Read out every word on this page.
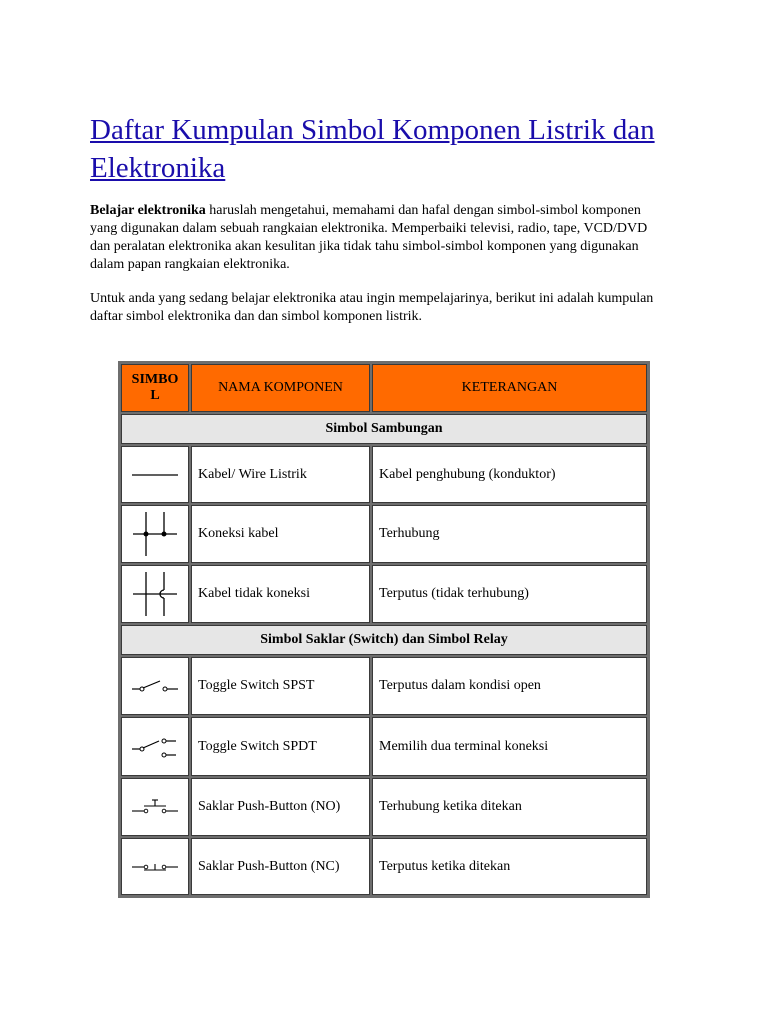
Daftar Kumpulan Simbol Komponen Listrik dan Elektronika

Belajar elektronika haruslah mengetahui, memahami dan hafal dengan simbol-simbol komponen yang digunakan dalam sebuah rangkaian elektronika. Memperbaiki televisi, radio, tape, VCD/DVD dan peralatan elektronika akan kesulitan jika tidak tahu simbol-simbol komponen yang digunakan dalam papan rangkaian elektronika.

Untuk anda yang sedang belajar elektronika atau ingin mempelajarinya, berikut ini adalah kumpulan daftar simbol elektronika dan dan simbol komponen listrik.

SIMBOL
NAMA KOMPONEN	KETERANGAN
Simbol Sambungan
Kabel/ Wire Listrik	Kabel penghubung (konduktor)
Koneksi kabel	Terhubung
Kabel tidak koneksi	Terputus (tidak terhubung)
Simbol Saklar (Switch) dan Simbol Relay
Toggle Switch SPST	Terputus dalam kondisi open
Toggle Switch SPDT	Memilih dua terminal koneksi
Saklar Push-Button (NO)	Terhubung ketika ditekan
Saklar Push-Button (NC)	Terputus ketika ditekan
